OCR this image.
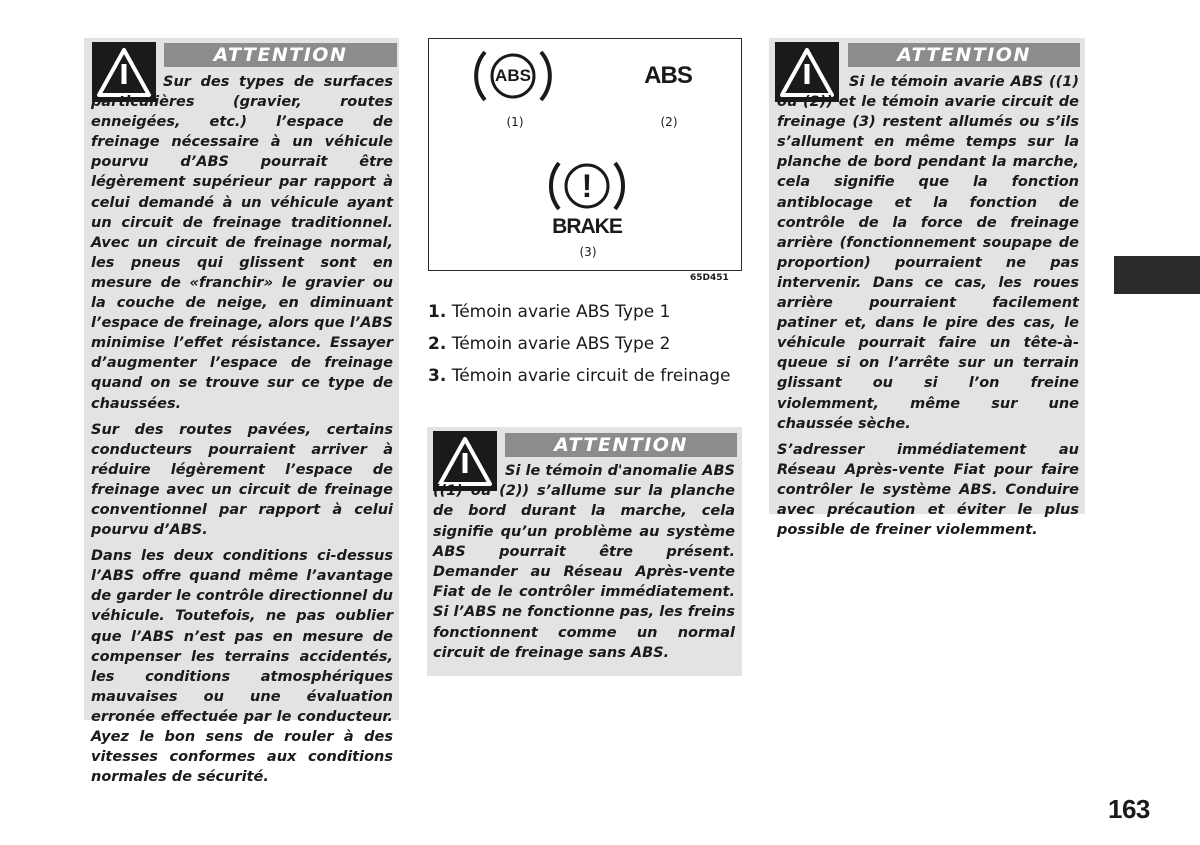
ATTENTION

Sur des types de surfaces particulières (gravier, routes enneigées, etc.) l’espace de freinage nécessaire à un véhicule pourvu d’ABS pourrait être légèrement supérieur par rapport à celui demandé à un véhicule ayant un circuit de freinage traditionnel. Avec un circuit de freinage normal, les pneus qui glissent sont en mesure de «franchir» le gravier ou la couche de neige, en diminuant l’espace de freinage, alors que l’ABS minimise l’effet résistance. Essayer d’augmenter l’espace de freinage quand on se trouve sur ce type de chaussées.

Sur des routes pavées, certains conducteurs pourraient arriver à réduire légèrement l’espace de freinage avec un circuit de freinage conventionnel par rapport à celui pourvu d’ABS.

Dans les deux conditions ci-dessus l’ABS offre quand même l’avantage de garder le contrôle directionnel du véhicule. Toutefois, ne pas oublier que l’ABS n’est pas en mesure de compenser les terrains accidentés, les conditions atmosphériques mauvaises ou une évaluation erronée effectuée par le conducteur. Ayez le bon sens de rouler à des vitesses conformes aux conditions normales de sécurité.

ABS	ABS
!
BRAKE
(1)	(2)
(3)
65D451
1. Témoin avarie ABS Type 1
2. Témoin avarie ABS Type 2
3. Témoin avarie circuit de freinage
ATTENTION

Si le témoin d'anomalie ABS ((1) ou (2)) s’allume sur la planche de bord durant la marche, cela signifie qu’un problème au système ABS pourrait être présent. Demander au Réseau Après-vente Fiat de le contrôler immédiatement. Si l’ABS ne fonctionne pas, les freins fonctionnent comme un normal circuit de freinage sans ABS.

ATTENTION

Si le témoin avarie ABS ((1) ou (2)) et le témoin avarie circuit de freinage (3) restent allumés ou s’ils s’allument en même temps sur la planche de bord pendant la marche, cela signifie que la fonction antiblocage et la fonction de contrôle de la force de freinage arrière (fonctionnement soupape de proportion) pourraient ne pas intervenir. Dans ce cas, les roues arrière pourraient facilement patiner et, dans le pire des cas, le véhicule pourrait faire un tête-à-queue si on l’arrête sur un terrain glissant ou si l’on freine violemment, même sur une chaussée sèche.

S’adresser immédiatement au Réseau Après-vente Fiat pour faire contrôler le système ABS. Conduire avec précaution et éviter le plus possible de freiner violemment.

163
